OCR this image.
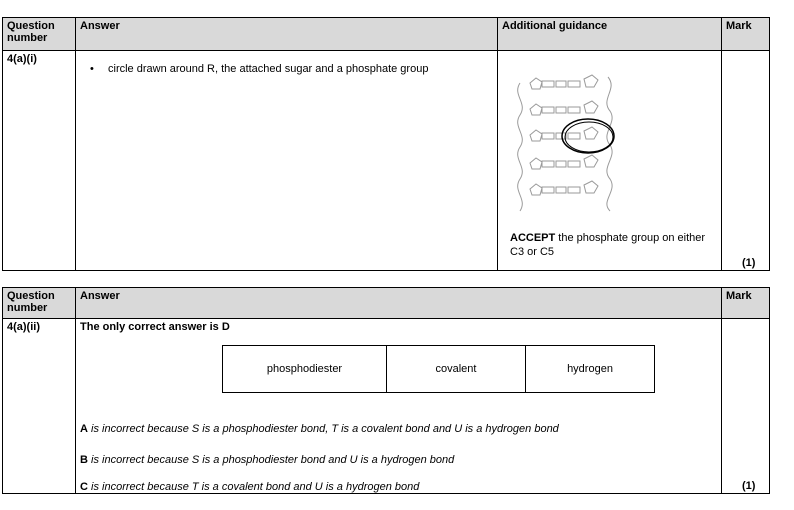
Question number	Answer	Additional guidance	Mark
4(a)(i)	• circle drawn around R, the attached sugar and a phosphate group	ACCEPT the phosphate group on either C3 or C5	(1)
Question number	Answer	Mark
4(a)(ii)	The only correct answer is D
phosphodiester	covalent	hydrogen
A is incorrect because S is a phosphodiester bond, T is a covalent bond and U is a hydrogen bond
B is incorrect because S is a phosphodiester bond and U is a hydrogen bond
C is incorrect because T is a covalent bond and U is a hydrogen bond	(1)
